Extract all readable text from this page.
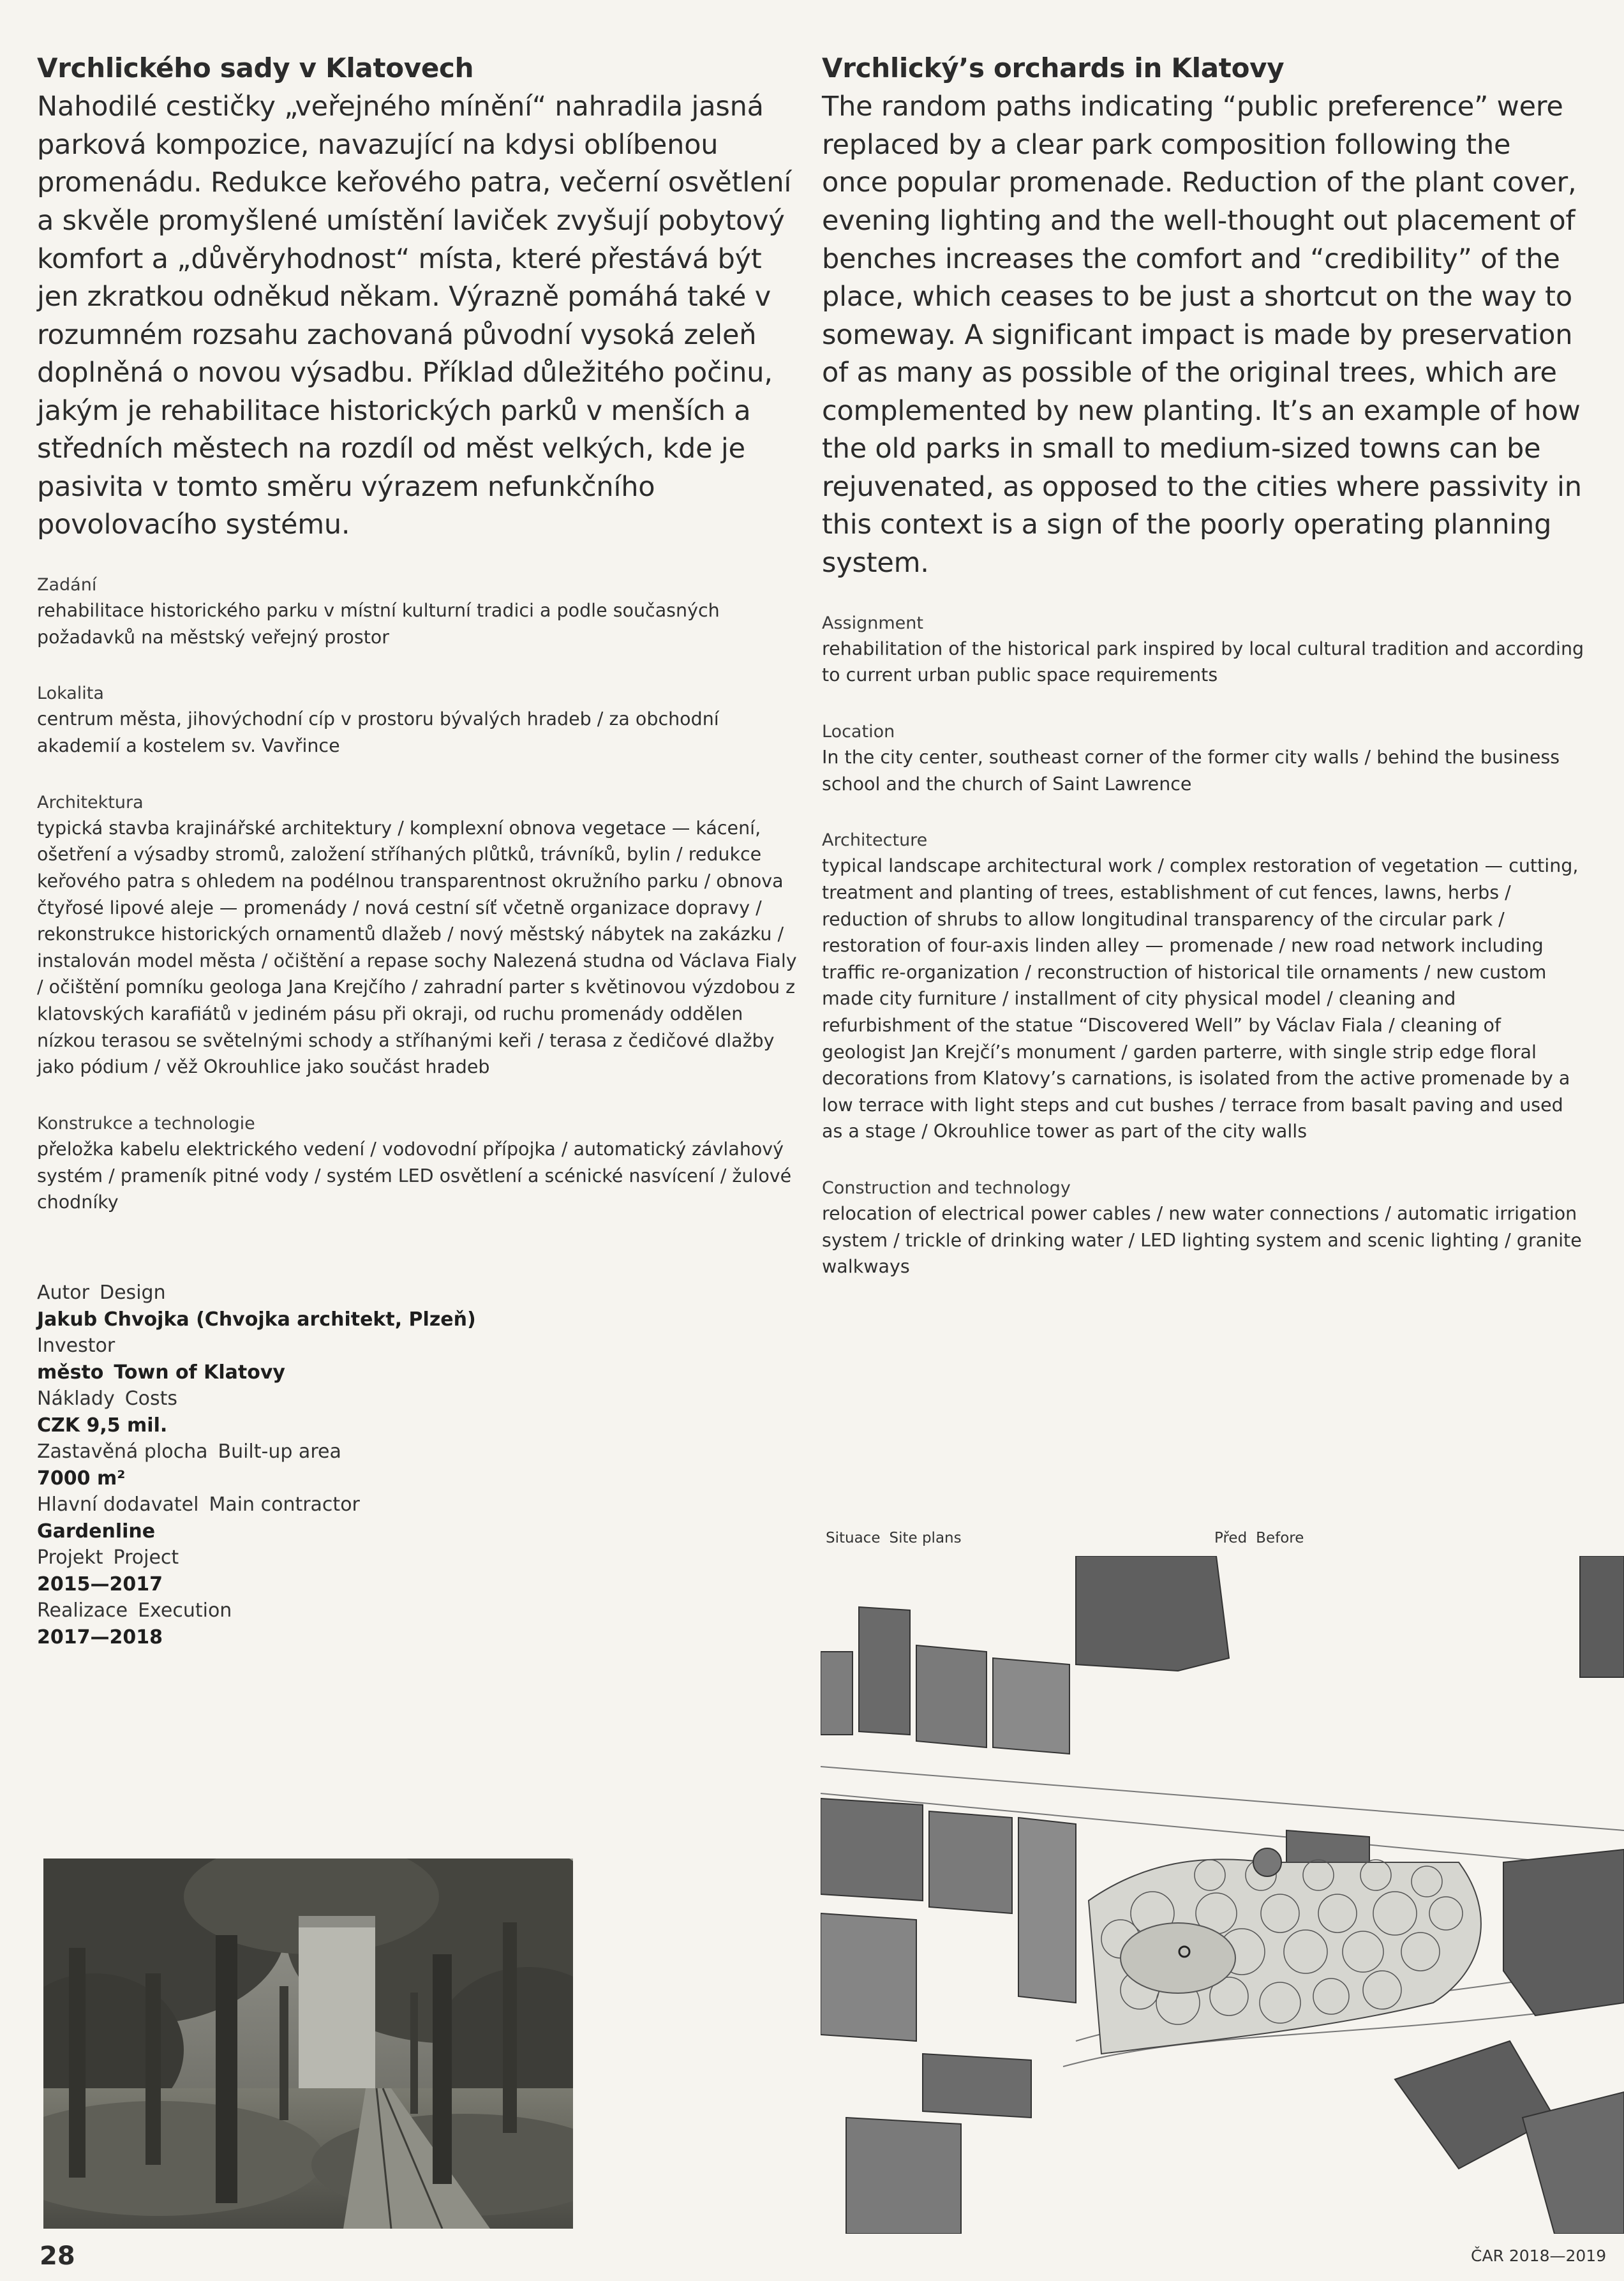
Vrchlického sady v Klatovech

Nahodilé cestičky „veřejného mínění“ nahradila jasná parková kompozice, navazující na kdysi oblíbenou promenádu. Redukce keřového patra, večerní osvětlení a skvěle promyšlené umístění laviček zvyšují pobytový komfort a „důvěryhodnost“ místa, které přestává být jen zkratkou odněkud někam. Výrazně pomáhá také v rozumném rozsahu zachovaná původní vysoká zeleň doplněná o novou výsadbu. Příklad důležitého počinu, jakým je rehabilitace historických parků v menších a středních městech na rozdíl od měst velkých, kde je pasivita v tomto směru výrazem nefunkčního povolovacího systému.

Zadání

rehabilitace historického parku v místní kulturní tradici a podle současných požadavků na městský veřejný prostor

Lokalita

centrum města, jihovýchodní cíp v prostoru bývalých hradeb / za obchodní akademií a kostelem sv. Vavřince

Architektura

typická stavba krajinářské architektury / komplexní obnova vegetace — kácení, ošetření a výsadby stromů, založení stříhaných plůtků, trávníků, bylin / redukce keřového patra s ohledem na podélnou transparentnost okružního parku / obnova čtyřosé lipové aleje — promenády / nová cestní síť včetně organizace dopravy / rekonstrukce historických ornamentů dlažeb / nový městský nábytek na zakázku / instalován model města / očištění a repase sochy Nalezená studna od Václava Fialy / očištění pomníku geologa Jana Krejčího / zahradní parter s květinovou výzdobou z klatovských karafiátů v jediném pásu při okraji, od ruchu promenády oddělen nízkou terasou se světelnými schody a stříhanými keři / terasa z čedičové dlažby jako pódium / věž Okrouhlice jako součást hradeb

Konstrukce a technologie

přeložka kabelu elektrického vedení / vodovodní přípojka / automatický závlahový systém / prameník pitné vody / systém LED osvětlení a scénické nasvícení / žulové chodníky

Vrchlický’s orchards in Klatovy

The random paths indicating “public preference” were replaced by a clear park composition following the once popular promenade. Reduction of the plant cover, evening lighting and the well-thought out placement of benches increases the comfort and “credibility” of the place, which ceases to be just a shortcut on the way to someway. A significant impact is made by preservation of as many as possible of the original trees, which are complemented by new planting. It’s an example of how the old parks in small to medium-sized towns can be rejuvenated, as opposed to the cities where passivity in this context is a sign of the poorly operating planning system.

Assignment

rehabilitation of the historical park inspired by local cultural tradition and according to current urban public space requirements

Location

In the city center, southeast corner of the former city walls / behind the business school and the church of Saint Lawrence

Architecture

typical landscape architectural work / complex restoration of vegetation — cutting, treatment and planting of trees, establishment of cut fences, lawns, herbs / reduction of shrubs to allow longitudinal transparency of the circular park / restoration of four-axis linden alley — promenade / new road network including traffic re-organization / reconstruction of historical tile ornaments / new custom made city furniture / installment of city physical model / cleaning and refurbishment of the statue “Discovered Well” by Václav Fiala / cleaning of geologist Jan Krejčí’s monument / garden parterre, with single strip edge floral decorations from Klatovy’s carnations, is isolated from the active promenade by a low terrace with light steps and cut bushes / terrace from basalt paving and used as a stage / Okrouhlice tower as part of the city walls

Construction and technology

relocation of electrical power cables / new water connections / automatic irrigation system / trickle of drinking water / LED lighting system and scenic lighting / granite walkways

Autor Design

Jakub Chvojka (Chvojka architekt, Plzeň)

Investor

město Town of Klatovy

Náklady Costs

CZK 9,5 mil.

Zastavěná plocha Built-up area

7000 m²

Hlavní dodavatel Main contractor

Gardenline

Projekt Project

2015—2017

Realizace Execution

2017—2018

Situace Site plans	Před Before
28	ČAR 2018—2019
